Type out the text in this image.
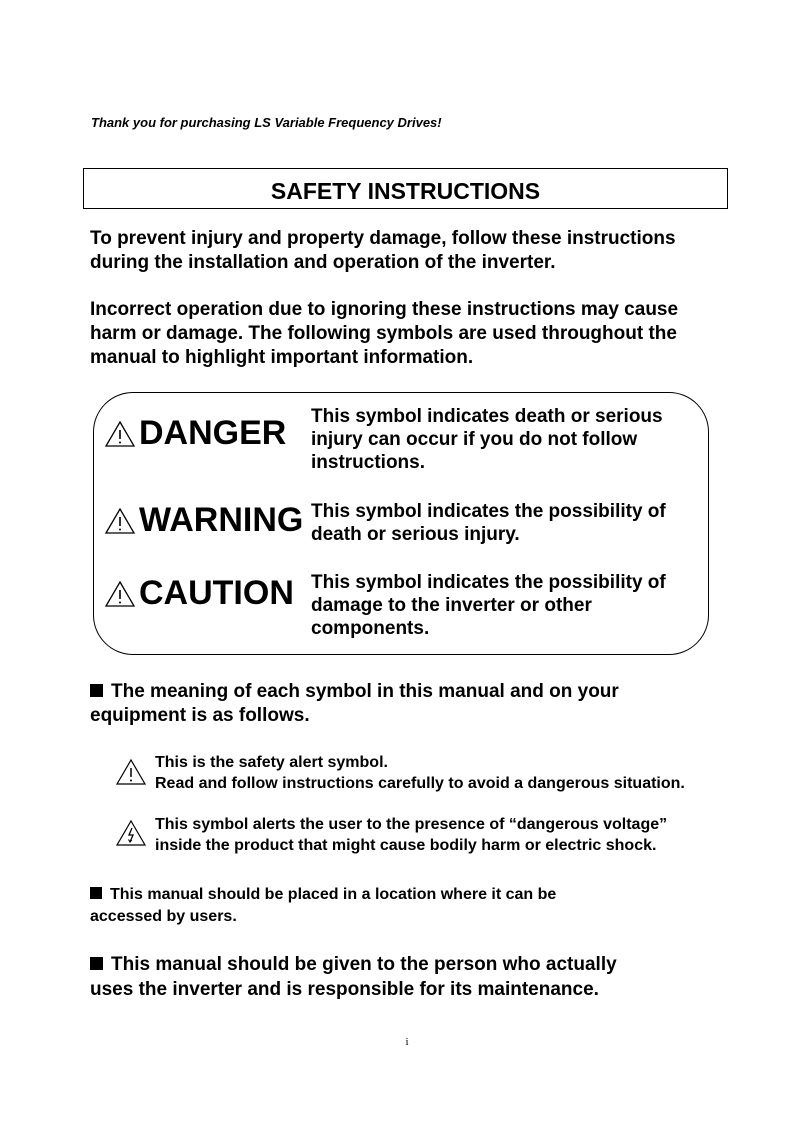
Thank you for purchasing LS Variable Frequency Drives!
SAFETY INSTRUCTIONS
To prevent injury and property damage, follow these instructions
during the installation and operation of the inverter.
Incorrect operation due to ignoring these instructions may cause
harm or damage. The following symbols are used throughout the
manual to highlight important information.
DANGER This symbol indicates death or serious
injury can occur if you do not follow
instructions.
WARNING This symbol indicates the possibility of
death or serious injury.
CAUTION This symbol indicates the possibility of
damage to the inverter or other
components.
The meaning of each symbol in this manual and on your
equipment is as follows.
This is the safety alert symbol.
Read and follow instructions carefully to avoid a dangerous situation.
This symbol alerts the user to the presence of “dangerous voltage”
inside the product that might cause bodily harm or electric shock.
This manual should be placed in a location where it can be
accessed by users.
This manual should be given to the person who actually
uses the inverter and is responsible for its maintenance.
i
